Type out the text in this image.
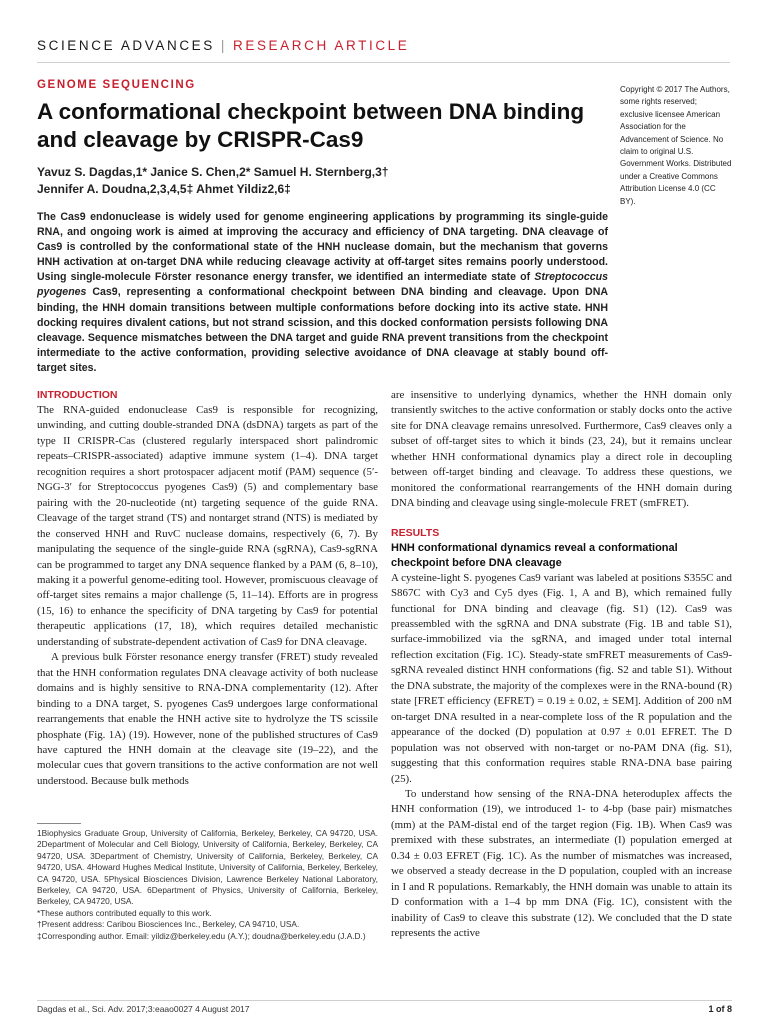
SCIENCE ADVANCES | RESEARCH ARTICLE
GENOME SEQUENCING
A conformational checkpoint between DNA binding and cleavage by CRISPR-Cas9
Yavuz S. Dagdas,1* Janice S. Chen,2* Samuel H. Sternberg,3†
Jennifer A. Doudna,2,3,4,5‡ Ahmet Yildiz2,6‡
Copyright © 2017 The Authors, some rights reserved; exclusive licensee American Association for the Advancement of Science. No claim to original U.S. Government Works. Distributed under a Creative Commons Attribution License 4.0 (CC BY).
The Cas9 endonuclease is widely used for genome engineering applications by programming its single-guide RNA, and ongoing work is aimed at improving the accuracy and efficiency of DNA targeting. DNA cleavage of Cas9 is controlled by the conformational state of the HNH nuclease domain, but the mechanism that governs HNH activation at on-target DNA while reducing cleavage activity at off-target sites remains poorly understood. Using single-molecule Förster resonance energy transfer, we identified an intermediate state of Streptococcus pyogenes Cas9, representing a conformational checkpoint between DNA binding and cleavage. Upon DNA binding, the HNH domain transitions between multiple conformations before docking into its active state. HNH docking requires divalent cations, but not strand scission, and this docked conformation persists following DNA cleavage. Sequence mismatches between the DNA target and guide RNA prevent transitions from the checkpoint intermediate to the active conformation, providing selective avoidance of DNA cleavage at stably bound off-target sites.
INTRODUCTION

The RNA-guided endonuclease Cas9 is responsible for recognizing, unwinding, and cutting double-stranded DNA (dsDNA) targets as part of the type II CRISPR-Cas (clustered regularly interspaced short palindromic repeats–CRISPR-associated) adaptive immune system (1–4). DNA target recognition requires a short protospacer adjacent motif (PAM) sequence (5′-NGG-3′ for Streptococcus pyogenes Cas9) (5) and complementary base pairing with the 20-nucleotide (nt) targeting sequence of the guide RNA. Cleavage of the target strand (TS) and nontarget strand (NTS) is mediated by the conserved HNH and RuvC nuclease domains, respectively (6, 7). By manipulating the sequence of the single-guide RNA (sgRNA), Cas9-sgRNA can be programmed to target any DNA sequence flanked by a PAM (6, 8–10), making it a powerful genome-editing tool. However, promiscuous cleavage of off-target sites remains a major challenge (5, 11–14). Efforts are in progress (15, 16) to enhance the specificity of DNA targeting by Cas9 for potential therapeutic applications (17, 18), which requires detailed mechanistic understanding of substrate-dependent activation of Cas9 for DNA cleavage.

A previous bulk Förster resonance energy transfer (FRET) study revealed that the HNH conformation regulates DNA cleavage activity of both nuclease domains and is highly sensitive to RNA-DNA complementarity (12). After binding to a DNA target, S. pyogenes Cas9 undergoes large conformational rearrangements that enable the HNH active site to hydrolyze the TS scissile phosphate (Fig. 1A) (19). However, none of the published structures of Cas9 have captured the HNH domain at the cleavage site (19–22), and the molecular cues that govern transitions to the active conformation are not well understood. Because bulk methods

1Biophysics Graduate Group, University of California, Berkeley, Berkeley, CA 94720, USA. 2Department of Molecular and Cell Biology, University of California, Berkeley, Berkeley, CA 94720, USA. 3Department of Chemistry, University of California, Berkeley, Berkeley, CA 94720, USA. 4Howard Hughes Medical Institute, University of California, Berkeley, Berkeley, CA 94720, USA. 5Physical Biosciences Division, Lawrence Berkeley National Laboratory, Berkeley, CA 94720, USA. 6Department of Physics, University of California, Berkeley, Berkeley, CA 94720, USA.
*These authors contributed equally to this work.
†Present address: Caribou Biosciences Inc., Berkeley, CA 94710, USA.
‡Corresponding author. Email: yildiz@berkeley.edu (A.Y.); doudna@berkeley.edu (J.A.D.)

are insensitive to underlying dynamics, whether the HNH domain only transiently switches to the active conformation or stably docks onto the active site for DNA cleavage remains unresolved. Furthermore, Cas9 cleaves only a subset of off-target sites to which it binds (23, 24), but it remains unclear whether HNH conformational dynamics play a direct role in decoupling between off-target binding and cleavage. To address these questions, we monitored the conformational rearrangements of the HNH domain during DNA binding and cleavage using single-molecule FRET (smFRET).

RESULTS
HNH conformational dynamics reveal a conformational checkpoint before DNA cleavage

A cysteine-light S. pyogenes Cas9 variant was labeled at positions S355C and S867C with Cy3 and Cy5 dyes (Fig. 1, A and B), which remained fully functional for DNA binding and cleavage (fig. S1) (12). Cas9 was preassembled with the sgRNA and DNA substrate (Fig. 1B and table S1), surface-immobilized via the sgRNA, and imaged under total internal reflection excitation (Fig. 1C). Steady-state smFRET measurements of Cas9-sgRNA revealed distinct HNH conformations (fig. S2 and table S1). Without the DNA substrate, the majority of the complexes were in the RNA-bound (R) state [FRET efficiency (EFRET) = 0.19 ± 0.02, ± SEM]. Addition of 200 nM on-target DNA resulted in a near-complete loss of the R population and the appearance of the docked (D) population at 0.97 ± 0.01 EFRET. The D population was not observed with non-target or no-PAM DNA (fig. S1), suggesting that this conformation requires stable RNA-DNA base pairing (25).

To understand how sensing of the RNA-DNA heteroduplex affects the HNH conformation (19), we introduced 1- to 4-bp (base pair) mismatches (mm) at the PAM-distal end of the target region (Fig. 1B). When Cas9 was premixed with these substrates, an intermediate (I) population emerged at 0.34 ± 0.03 EFRET (Fig. 1C). As the number of mismatches was increased, we observed a steady decrease in the D population, coupled with an increase in I and R populations. Remarkably, the HNH domain was unable to attain its D conformation with a 1–4 bp mm DNA (Fig. 1C), consistent with the inability of Cas9 to cleave this substrate (12). We concluded that the D state represents the active

Dagdas et al., Sci. Adv. 2017;3:eaao0027 4 August 2017	1 of 8
